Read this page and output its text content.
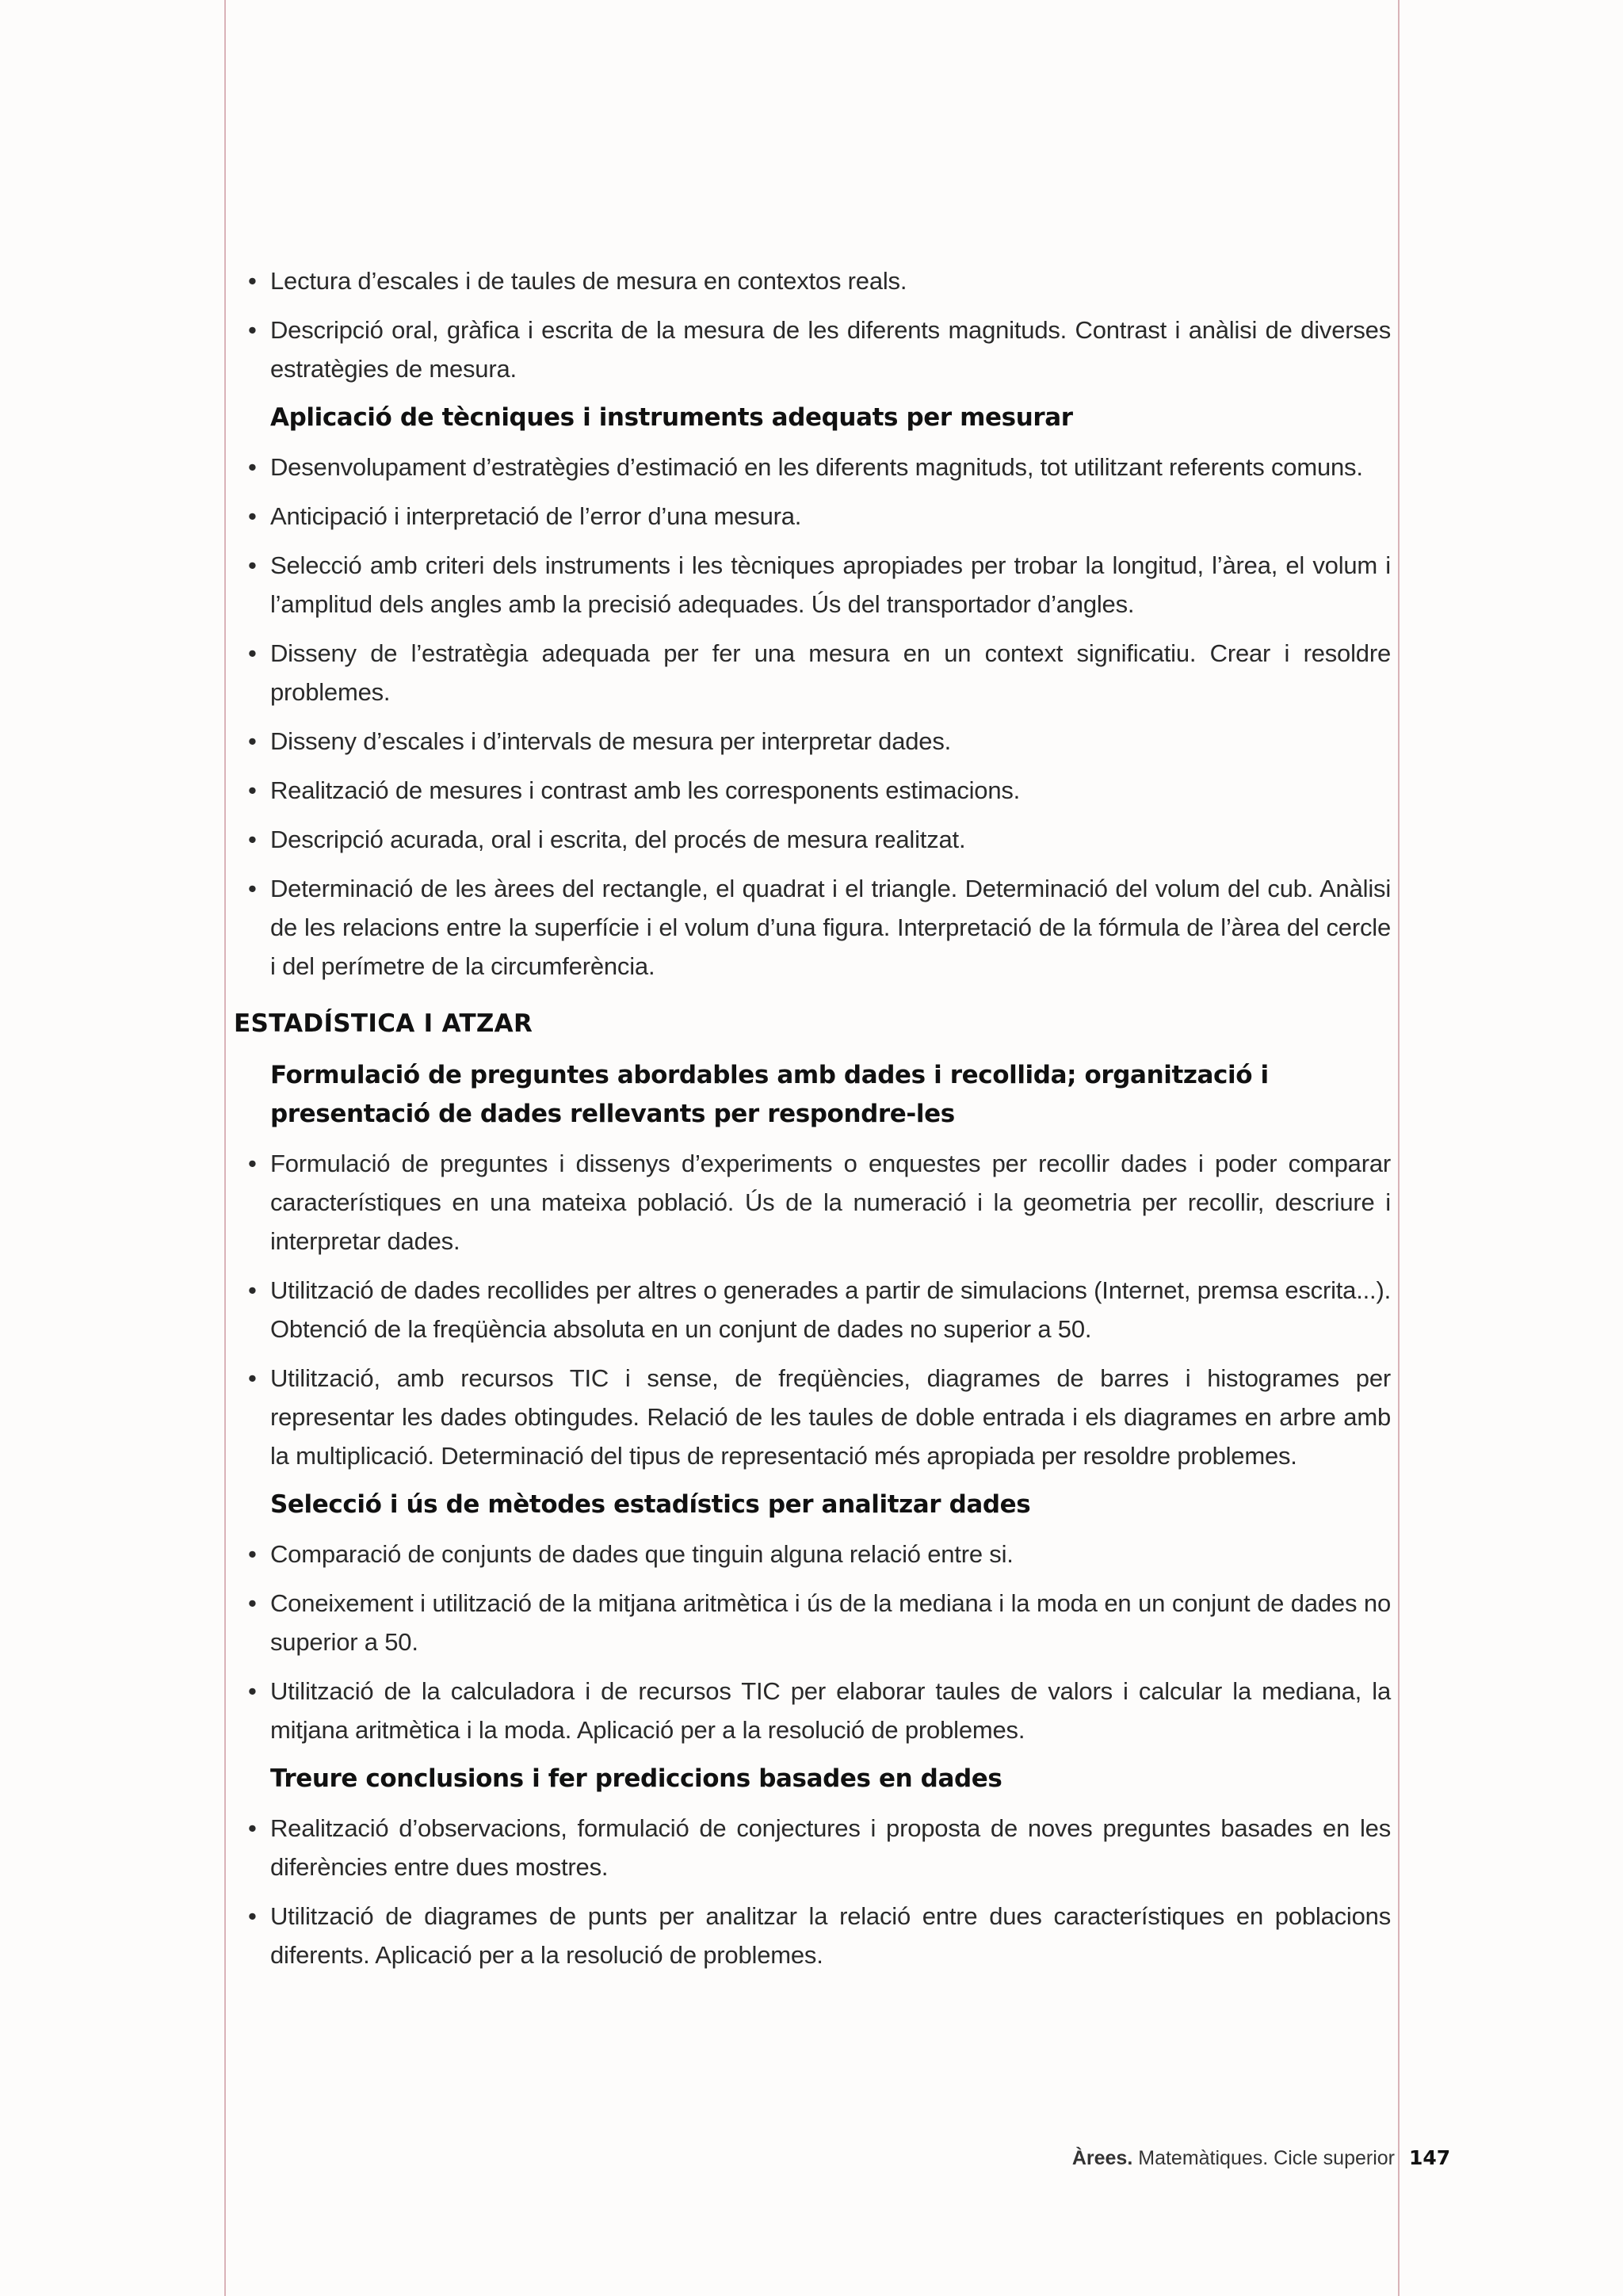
• Lectura d’escales i de taules de mesura en contextos reals.
• Descripció oral, gràfica i escrita de la mesura de les diferents magnituds. Contrast i anàlisi de diverses estratègies de mesura.
Aplicació de tècniques i instruments adequats per mesurar
• Desenvolupament d’estratègies d’estimació en les diferents magnituds, tot utilitzant referents comuns.
• Anticipació i interpretació de l’error d’una mesura.
• Selecció amb criteri dels instruments i les tècniques apropiades per trobar la longitud, l’àrea, el volum i l’amplitud dels angles amb la precisió adequades. Ús del transportador d’angles.
• Disseny de l’estratègia adequada per fer una mesura en un context significatiu. Crear i resoldre problemes.
• Disseny d’escales i d’intervals de mesura per interpretar dades.
• Realització de mesures i contrast amb les corresponents estimacions.
• Descripció acurada, oral i escrita, del procés de mesura realitzat.
• Determinació de les àrees del rectangle, el quadrat i el triangle. Determinació del volum del cub. Anàlisi de les relacions entre la superfície i el volum d’una figura. Interpretació de la fórmula de l’àrea del cercle i del perímetre de la circumferència.
ESTADÍSTICA I ATZAR
Formulació de preguntes abordables amb dades i recollida; organització i presentació de dades rellevants per respondre-les
• Formulació de preguntes i dissenys d’experiments o enquestes per recollir dades i poder comparar característiques en una mateixa població. Ús de la numeració i la geometria per recollir, descriure i interpretar dades.
• Utilització de dades recollides per altres o generades a partir de simulacions (Internet, premsa escrita...). Obtenció de la freqüència absoluta en un conjunt de dades no superior a 50.
• Utilització, amb recursos TIC i sense, de freqüències, diagrames de barres i histogrames per representar les dades obtingudes. Relació de les taules de doble entrada i els diagrames en arbre amb la multiplicació. Determinació del tipus de representació més apropiada per resoldre problemes.
Selecció i ús de mètodes estadístics per analitzar dades
• Comparació de conjunts de dades que tinguin alguna relació entre si.
• Coneixement i utilització de la mitjana aritmètica i ús de la mediana i la moda en un conjunt de dades no superior a 50.
• Utilització de la calculadora i de recursos TIC per elaborar taules de valors i calcular la mediana, la mitjana aritmètica i la moda. Aplicació per a la resolució de problemes.
Treure conclusions i fer prediccions basades en dades
• Realització d’observacions, formulació de conjectures i proposta de noves preguntes basades en les diferències entre dues mostres.
• Utilització de diagrames de punts per analitzar la relació entre dues característiques en poblacions diferents. Aplicació per a la resolució de problemes.
Àrees. Matemàtiques. Cicle superior 147
